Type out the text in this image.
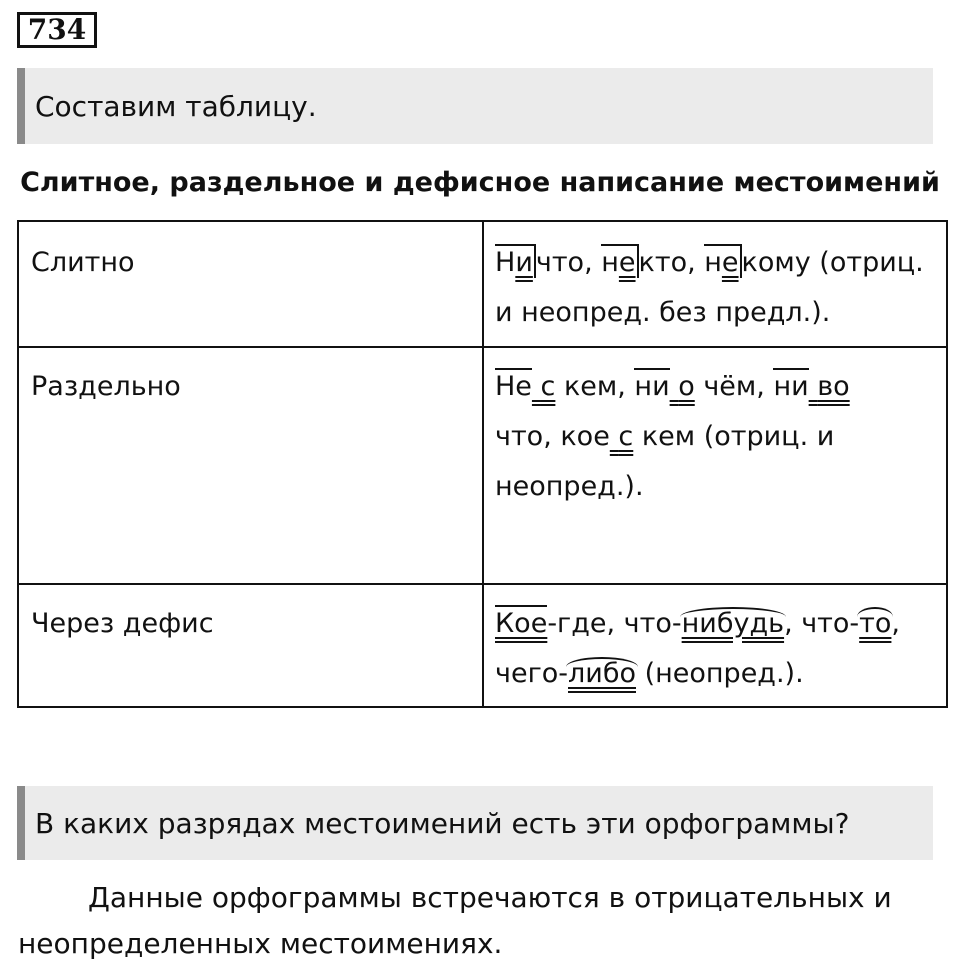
734
Составим таблицу.
Слитное, раздельное и дефисное написание местоимений
Слитно	Ни что, не кто, не кому (отриц.
и неопред. без предл.).
Раздельно	Не с кем, ни о чём, ни во
что, кое с кем (отриц. и
неопред.).
Через дефис	Кое-где, что-нибудь, что-то,
чего-либо (неопред.).
В каких разрядах местоимений есть эти орфограммы?
Данные орфограммы встречаются в отрицательных и неопределенных местоимениях.
